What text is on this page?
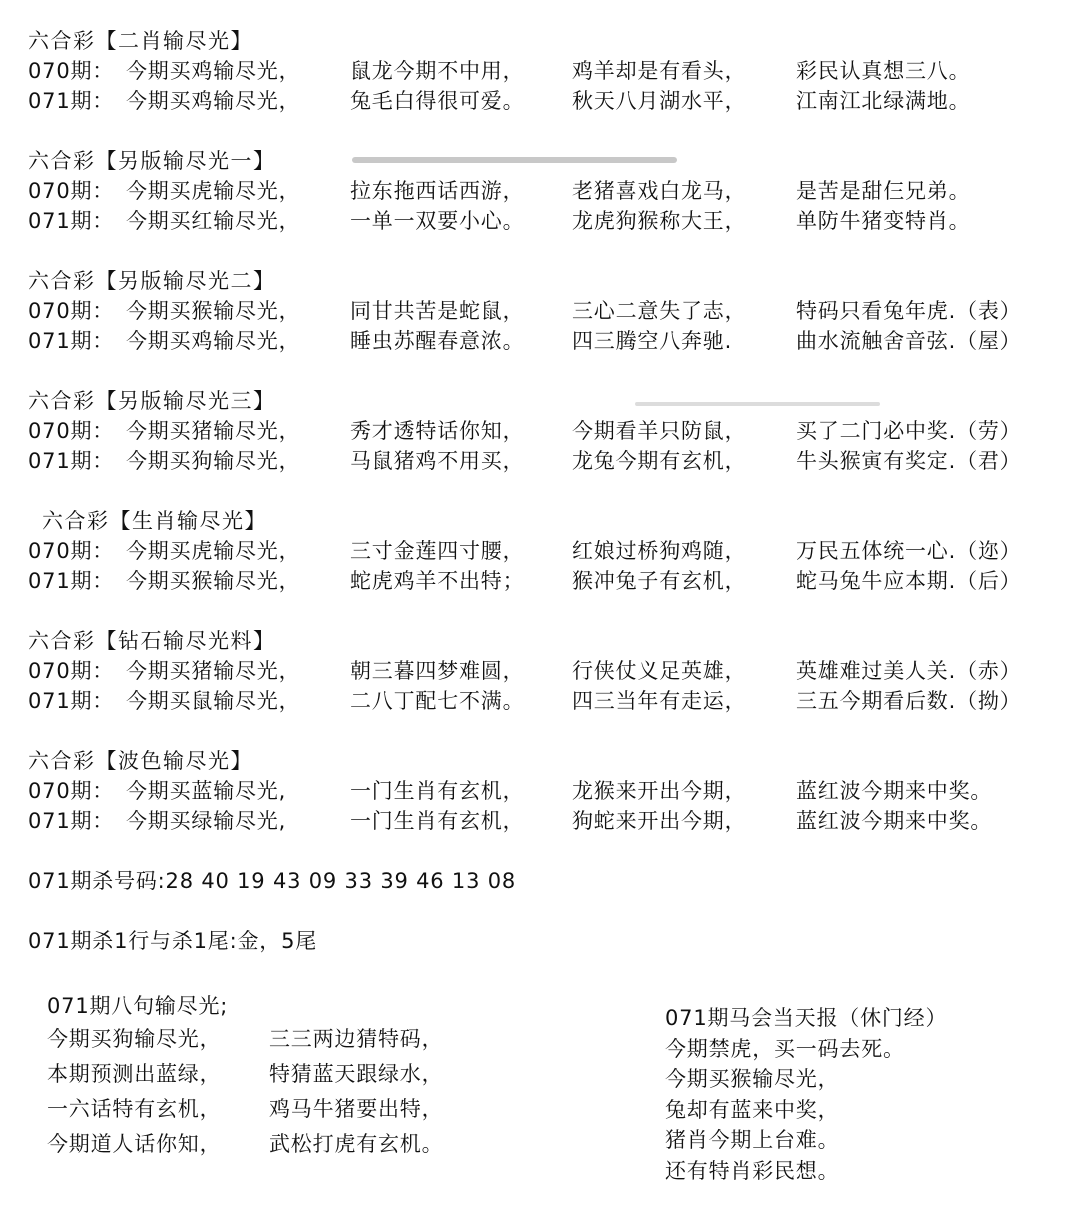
六合彩【二肖输尽光】
070期： 今期买鸡输尽光， 鼠龙今期不中用， 鸡羊却是有看头， 彩民认真想三八。
071期： 今期买鸡输尽光， 兔毛白得很可爱。 秋天八月湖水平， 江南江北绿满地。
六合彩【另版输尽光一】
070期： 今期买虎输尽光， 拉东拖西话西游， 老猪喜戏白龙马， 是苦是甜仨兄弟。
071期： 今期买红输尽光， 一单一双要小心。 龙虎狗猴称大王， 单防牛猪变特肖。
六合彩【另版输尽光二】
070期： 今期买猴输尽光， 同甘共苦是蛇鼠， 三心二意失了志， 特码只看兔年虎.（表）
071期： 今期买鸡输尽光， 睡虫苏醒春意浓。 四三腾空八奔驰.	曲水流触舍音弦.（屋）
六合彩【另版输尽光三】
070期： 今期买猪输尽光， 秀才透特话你知， 今期看羊只防鼠， 买了二门必中奖.（劳）
071期： 今期买狗输尽光， 马鼠猪鸡不用买， 龙兔今期有玄机， 牛头猴寅有奖定.（君）
六合彩【生肖输尽光】
070期： 今期买虎输尽光， 三寸金莲四寸腰， 红娘过桥狗鸡随， 万民五体统一心.（迩）
071期： 今期买猴输尽光， 蛇虎鸡羊不出特； 猴冲兔子有玄机， 蛇马兔牛应本期.（后）
六合彩【钻石输尽光料】
070期： 今期买猪输尽光， 朝三暮四梦难圆， 行侠仗义足英雄， 英雄难过美人关.（赤）
071期： 今期买鼠输尽光， 二八丁配七不满。 四三当年有走运， 三五今期看后数.（拗）
六合彩【波色输尽光】
070期： 今期买蓝输尽光,	一门生肖有玄机， 龙猴来开出今期， 蓝红波今期来中奖。
071期： 今期买绿输尽光,	一门生肖有玄机， 狗蛇来开出今期， 蓝红波今期来中奖。
071期杀号码:28 40 19 43 09 33 39 46 13 08
071期杀1行与杀1尾:金，5尾
071期八句输尽光;
今期买狗输尽光， 三三两边猜特码，
本期预测出蓝绿， 特猜蓝天跟绿水，
一六话特有玄机， 鸡马牛猪要出特，
今期道人话你知， 武松打虎有玄机。
071期马会当天报（休门经）
今期禁虎，买一码去死。
今期买猴输尽光，
兔却有蓝来中奖，
猪肖今期上台难。
还有特肖彩民想。
